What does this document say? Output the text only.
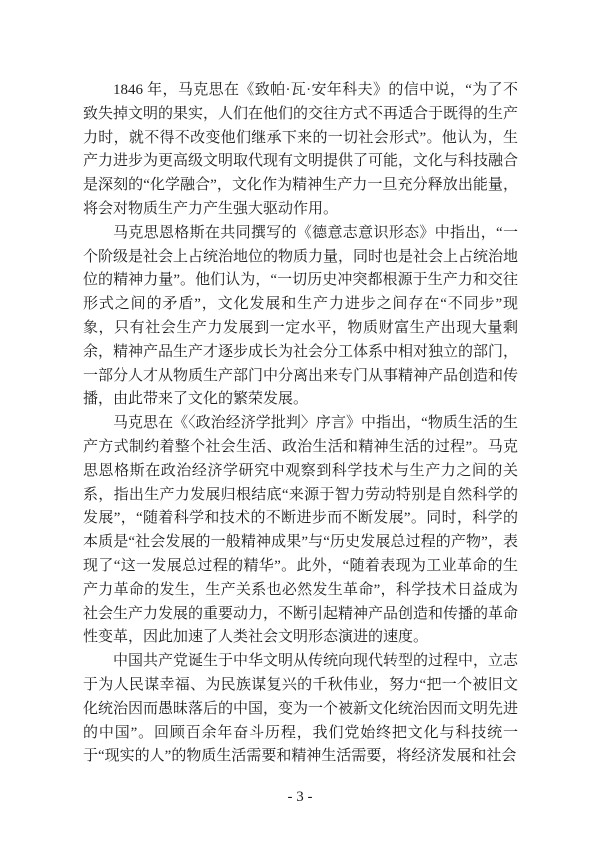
1846 年，马克思在《致帕·瓦·安年科夫》的信中说，“为了不致失掉文明的果实，人们在他们的交往方式不再适合于既得的生产力时，就不得不改变他们继承下来的一切社会形式”。他认为，生产力进步为更高级文明取代现有文明提供了可能，文化与科技融合是深刻的“化学融合”，文化作为精神生产力一旦充分释放出能量，将会对物质生产力产生强大驱动作用。

马克思恩格斯在共同撰写的《德意志意识形态》中指出，“一个阶级是社会上占统治地位的物质力量，同时也是社会上占统治地位的精神力量”。他们认为，“一切历史冲突都根源于生产力和交往形式之间的矛盾”，文化发展和生产力进步之间存在“不同步”现象，只有社会生产力发展到一定水平，物质财富生产出现大量剩余，精神产品生产才逐步成长为社会分工体系中相对独立的部门，一部分人才从物质生产部门中分离出来专门从事精神产品创造和传播，由此带来了文化的繁荣发展。

马克思在《〈政治经济学批判〉序言》中指出，“物质生活的生产方式制约着整个社会生活、政治生活和精神生活的过程”。马克思恩格斯在政治经济学研究中观察到科学技术与生产力之间的关系，指出生产力发展归根结底“来源于智力劳动特别是自然科学的发展”，“随着科学和技术的不断进步而不断发展”。同时，科学的本质是“社会发展的一般精神成果”与“历史发展总过程的产物”，表现了“这一发展总过程的精华”。此外，“随着表现为工业革命的生产力革命的发生，生产关系也必然发生革命”，科学技术日益成为社会生产力发展的重要动力，不断引起精神产品创造和传播的革命性变革，因此加速了人类社会文明形态演进的速度。

中国共产党诞生于中华文明从传统向现代转型的过程中，立志于为人民谋幸福、为民族谋复兴的千秋伟业，努力“把一个被旧文化统治因而愚昧落后的中国，变为一个被新文化统治因而文明先进的中国”。回顾百余年奋斗历程，我们党始终把文化与科技统一于“现实的人”的物质生活需要和精神生活需要，将经济发展和社会

- 3 -
